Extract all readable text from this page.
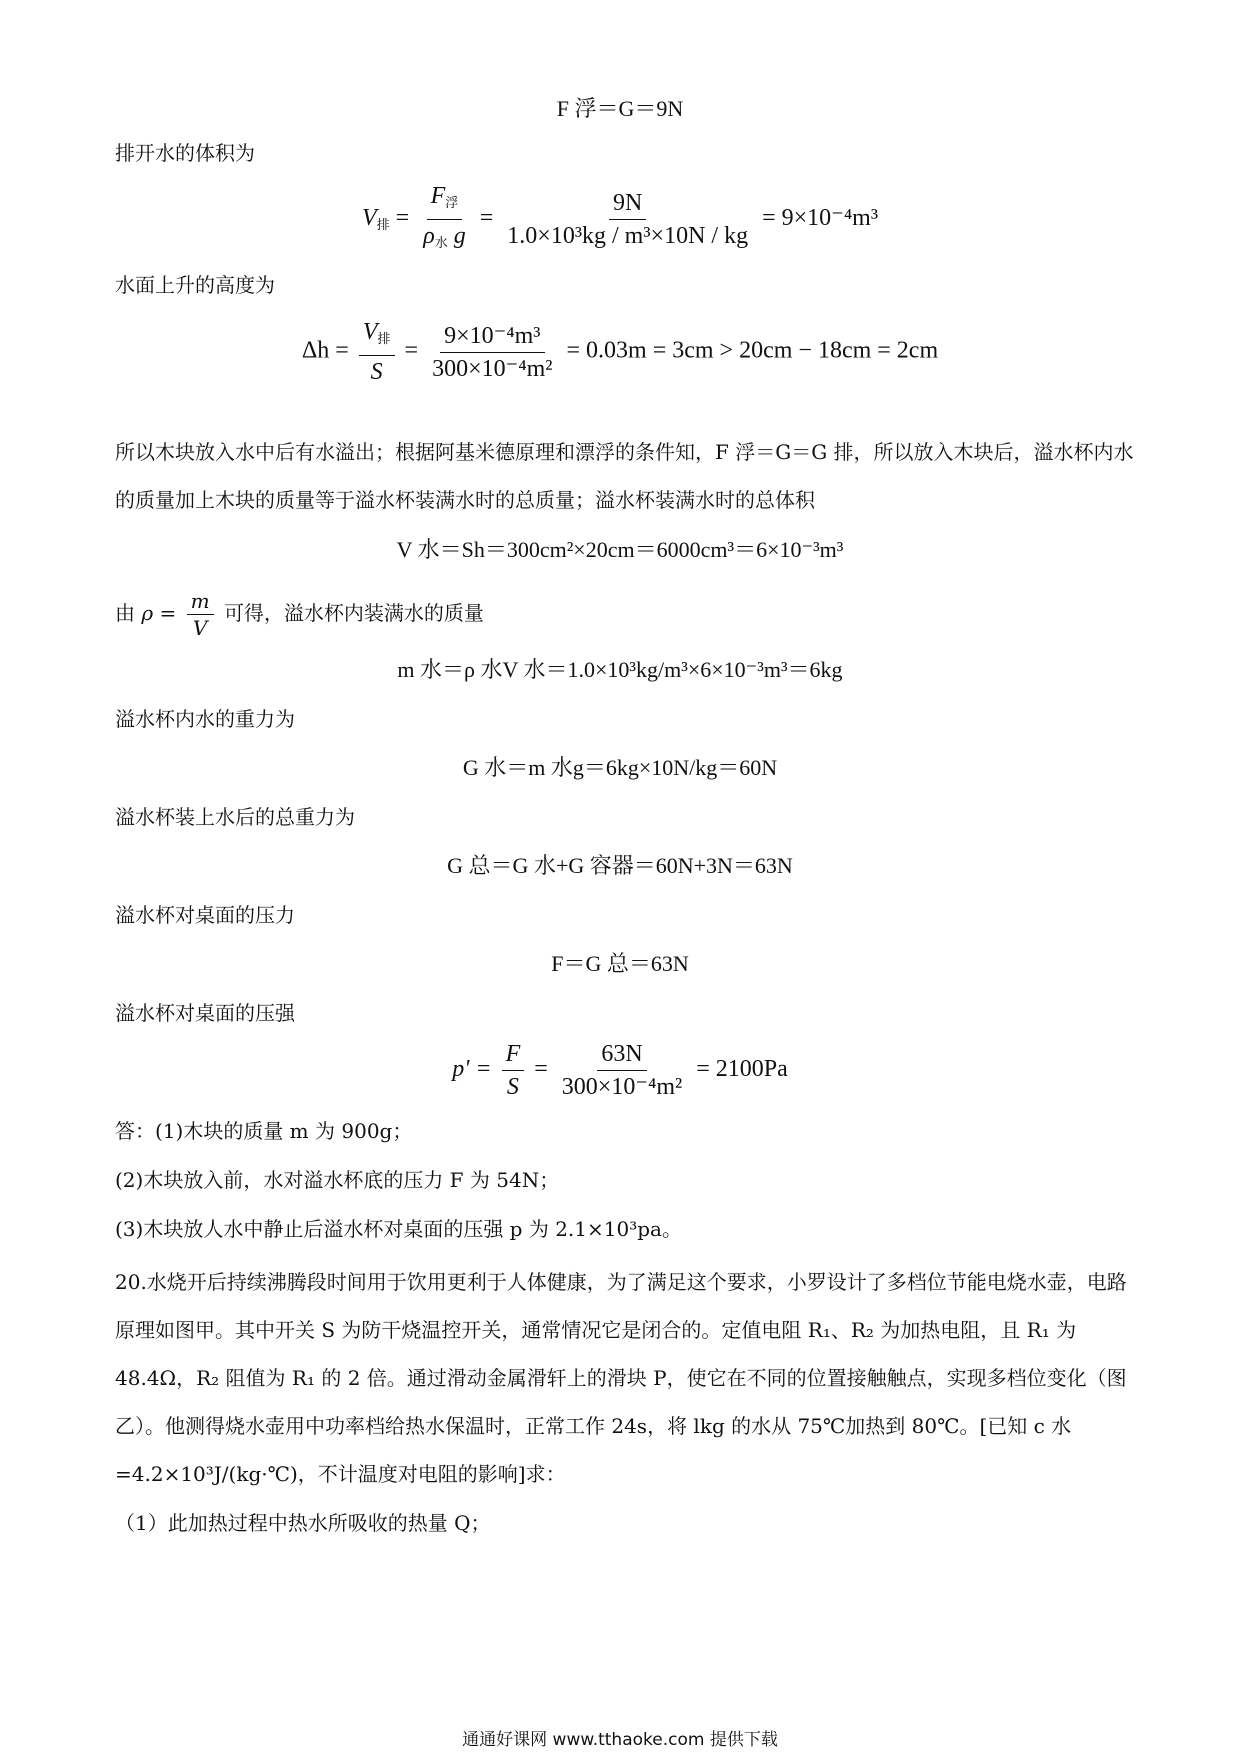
F 浮＝G＝9N
排开水的体积为
$V_排 = \frac{F_浮}{\rho_水 g} = \frac{9N}{\text{1.0×10³kg / m³×10N / kg}} = 9\times 10^{-4}m^3$
水面上升的高度为
$\Delta h = \frac{V_排}{S} = \frac{\text{9×10⁻⁴m³}}{\text{300×10⁻⁴m²}} = 0.03m = 3cm > 20cm - 18cm = 2cm$
所以木块放入水中后有水溢出；根据阿基米德原理和漂浮的条件知，F 浮＝G＝G 排，所以放入木块后，溢水杯内水的质量加上木块的质量等于溢水杯装满水时的总质量；溢水杯装满水时的总体积
V 水＝Sh＝300cm²×20cm＝6000cm³＝6×10⁻³m³
由 $\rho = \frac{m}{V}$ 可得，溢水杯内装满水的质量
m 水＝ρ 水V 水＝1.0×10³kg/m³×6×10⁻³m³＝6kg
溢水杯内水的重力为
G 水＝m 水g＝6kg×10N/kg＝60N
溢水杯装上水后的总重力为
G 总＝G 水+G 容器＝60N+3N＝63N
溢水杯对桌面的压力
F＝G 总＝63N
溢水杯对桌面的压强
$p' = \frac{F}{S} = \frac{63N}{\text{300×10⁻⁴m²}} = 2100Pa$
答：(1)木块的质量 m 为 900g；
(2)木块放入前，水对溢水杯底的压力 F 为 54N；
(3)木块放人水中静止后溢水杯对桌面的压强 p 为 2.1×10³pa。
20.水烧开后持续沸腾段时间用于饮用更利于人体健康，为了满足这个要求，小罗设计了多档位节能电烧水壶，电路原理如图甲。其中开关 S 为防干烧温控开关，通常情况它是闭合的。定值电阻 R₁、R₂ 为加热电阻，且 R₁ 为 48.4Ω，R₂ 阻值为 R₁ 的 2 倍。通过滑动金属滑轩上的滑块 P，使它在不同的位置接触触点，实现多档位变化（图乙）。他测得烧水壶用中功率档给热水保温时，正常工作 24s，将 lkg 的水从 75℃加热到 80℃。[已知 c 水=4.2×10³J/(kg·℃)，不计温度对电阻的影响]求：
（1）此加热过程中热水所吸收的热量 Q；
通通好课网 www.tthaoke.com 提供下载
